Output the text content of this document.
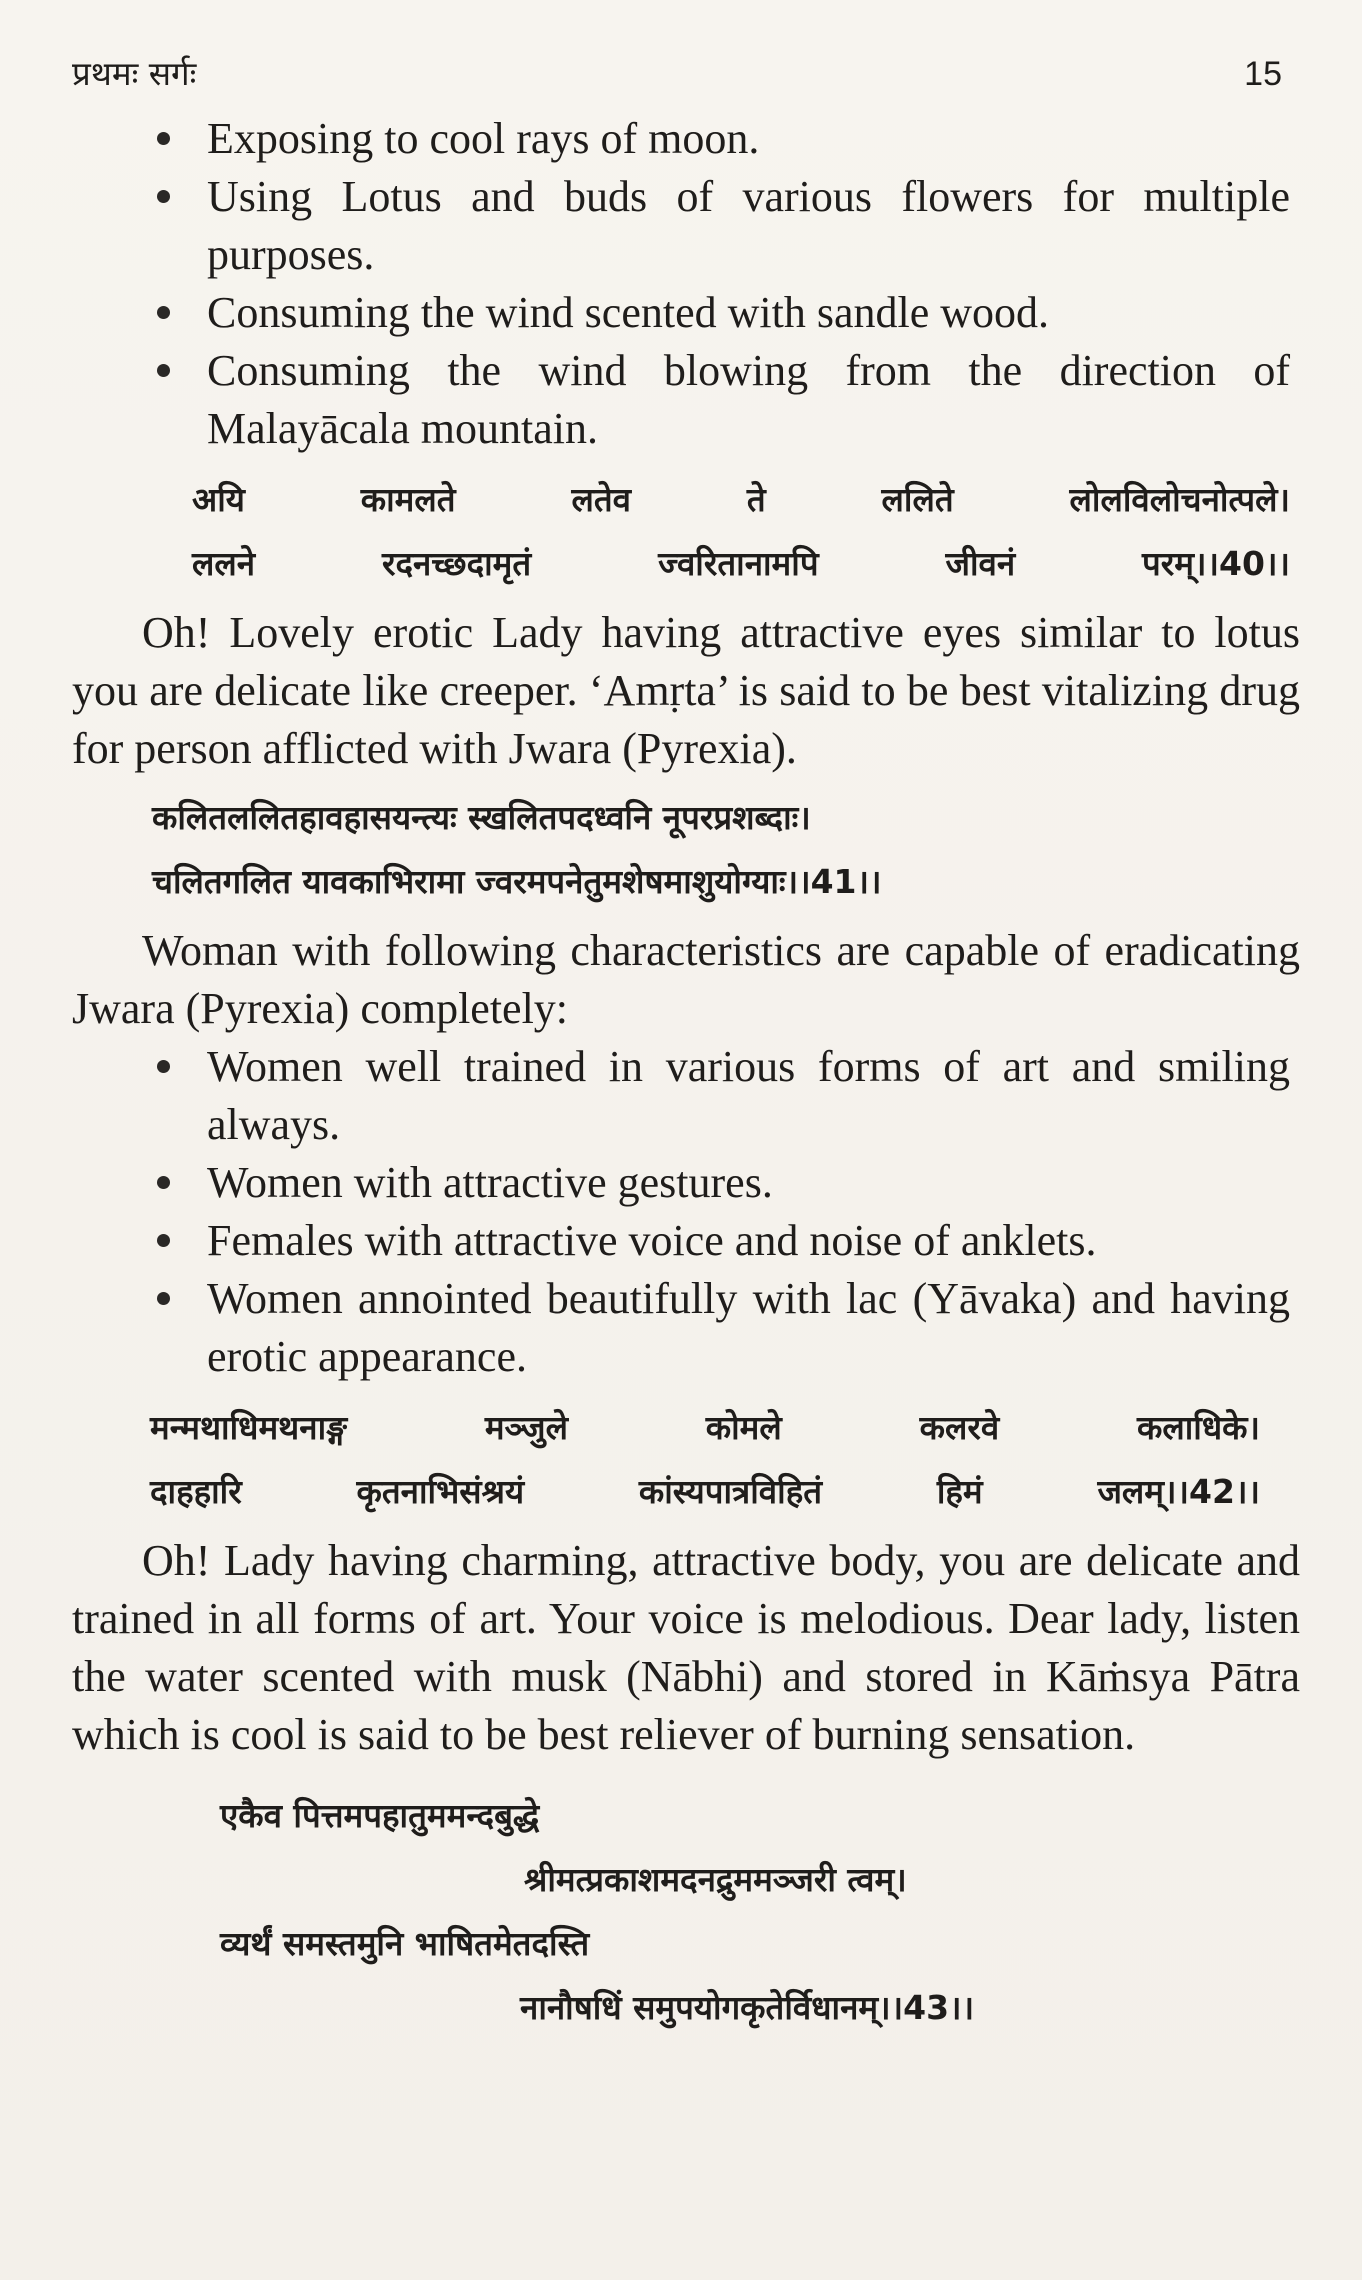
प्रथमः सर्गः	15
Exposing to cool rays of moon.
Using Lotus and buds of various flowers for multiple purposes.
Consuming the wind scented with sandle wood.
Consuming the wind blowing from the direction of Malayācala mountain.
अयि कामलते लतेव ते ललिते लोलविलोचनोत्पले।
ललने रदनच्छदामृतं ज्वरितानामपि जीवनं परम्।।40।।

Oh! Lovely erotic Lady having attractive eyes similar to lotus you are delicate like creeper. ‘Amṛta’ is said to be best vitalizing drug for person afflicted with Jwara (Pyrexia).

कलितललितहावहासयन्त्यः स्खलितपदध्वनि नूपरप्रशब्दाः।
चलितगलित यावकाभिरामा ज्वरमपनेतुमशेषमाशुयोग्याः।।41।।

Woman with following characteristics are capable of eradicating Jwara (Pyrexia) completely:

Women well trained in various forms of art and smiling always.
Women with attractive gestures.
Females with attractive voice and noise of anklets.
Women annointed beautifully with lac (Yāvaka) and having erotic appearance.
मन्मथाधिमथनाङ्ग मञ्जुले कोमले कलरवे कलाधिके।
दाहहारि कृतनाभिसंश्रयं कांस्यपात्रविहितं हिमं जलम्।।42।।

Oh! Lady having charming, attractive body, you are delicate and trained in all forms of art. Your voice is melodious. Dear lady, listen the water scented with musk (Nābhi) and stored in Kāṁsya Pātra which is cool is said to be best reliever of burning sensation.

एकैव पित्तमपहातुममन्दबुद्धे
श्रीमत्प्रकाशमदनद्रुममञ्जरी त्वम्।
व्यर्थं समस्तमुनि भाषितमेतदस्ति
नानौषधिं समुपयोगकृतेर्विधानम्।।43।।
